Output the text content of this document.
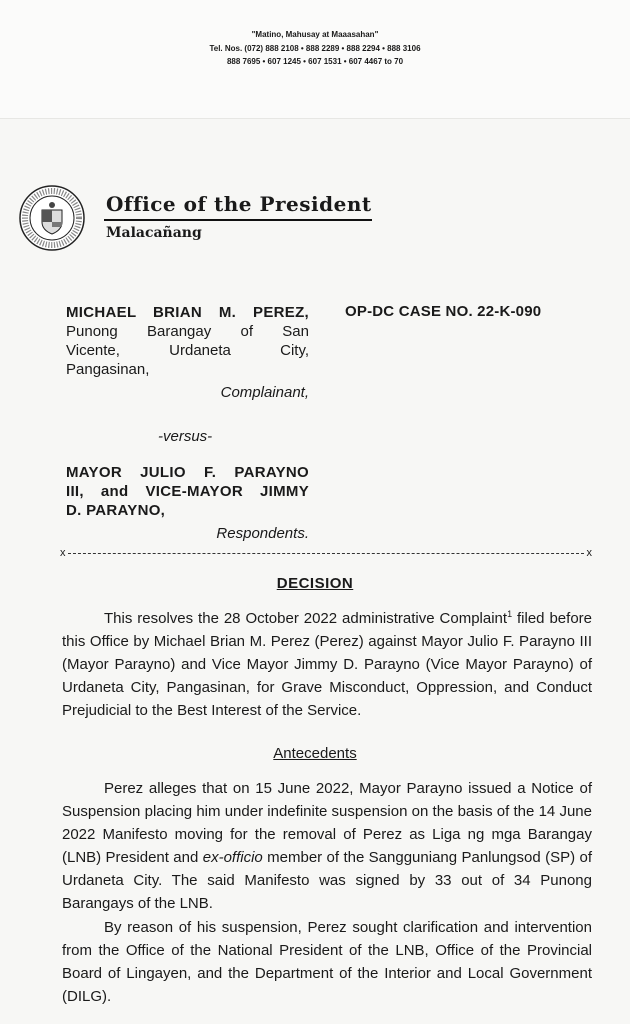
"Matino, Mahusay at Maaasahan"
Tel. Nos. (072) 888 2108 • 888 2289 • 888 2294 • 888 3106
888 7695 • 607 1245 • 607 1531 • 607 4467 to 70
Office of the President
Malacañang
MICHAEL BRIAN M. PEREZ,
Punong Barangay of San
Vicente, Urdaneta City,
Pangasinan,
Complainant,
OP-DC CASE NO. 22-K-090
-versus-
MAYOR JULIO F. PARAYNO
III, and VICE-MAYOR JIMMY
D. PARAYNO,
Respondents.
x	x
DECISION
This resolves the 28 October 2022 administrative Complaint$^1$ filed before this Office by Michael Brian M. Perez (Perez) against Mayor Julio F. Parayno III (Mayor Parayno) and Vice Mayor Jimmy D. Parayno (Vice Mayor Parayno) of Urdaneta City, Pangasinan, for Grave Misconduct, Oppression, and Conduct Prejudicial to the Best Interest of the Service.
Antecedents
Perez alleges that on 15 June 2022, Mayor Parayno issued a Notice of Suspension placing him under indefinite suspension on the basis of the 14 June 2022 Manifesto moving for the removal of Perez as Liga ng mga Barangay (LNB) President and ex-officio member of the Sangguniang Panlungsod (SP) of Urdaneta City. The said Manifesto was signed by 33 out of 34 Punong Barangays of the LNB.
By reason of his suspension, Perez sought clarification and intervention from the Office of the National President of the LNB, Office of the Provincial Board of Lingayen, and the Department of the Interior and Local Government (DILG).
